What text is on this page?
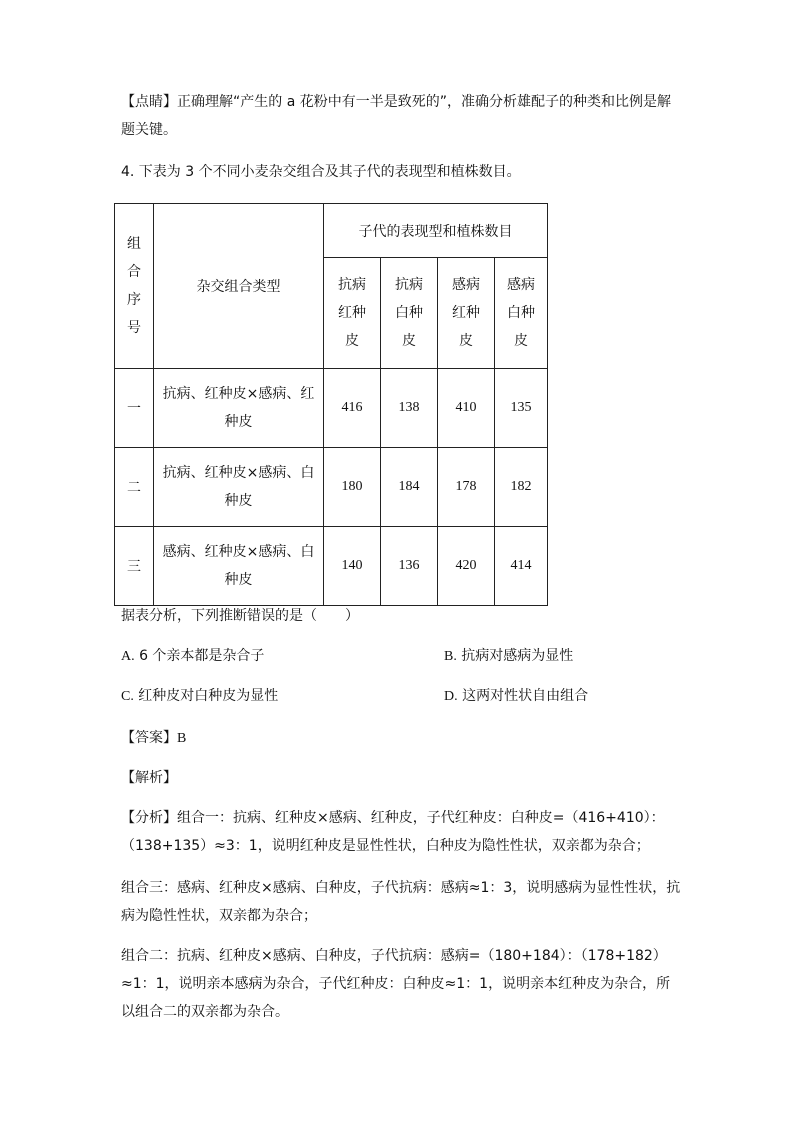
【点睛】正确理解“产生的 a 花粉中有一半是致死的”，准确分析雄配子的种类和比例是解题关键。

4. 下表为 3 个不同小麦杂交组合及其子代的表现型和植株数目。

组合序号	杂交组合类型	子代的表现型和植株数目			

		抗病红种皮	抗病白种皮	感病红种皮	感病白种皮

一	抗病、红种皮×感病、红种皮	416	138	410	135
二	抗病、红种皮×感病、白种皮	180	184	178	182
三	感病、红种皮×感病、白种皮	140	136	420	414

据表分析，下列推断错误的是（　　）

A. 6 个亲本都是杂合子	B. 抗病对感病为显性
C. 红种皮对白种皮为显性	D. 这两对性状自由组合

【答案】B

【解析】

【分析】组合一：抗病、红种皮×感病、红种皮，子代红种皮：白种皮=（416+410）：（138+135）≈3：1，说明红种皮是显性性状，白种皮为隐性性状，双亲都为杂合；

组合三：感病、红种皮×感病、白种皮，子代抗病：感病≈1：3，说明感病为显性性状，抗病为隐性性状，双亲都为杂合；

组合二：抗病、红种皮×感病、白种皮，子代抗病：感病=（180+184）：（178+182）≈1：1，说明亲本感病为杂合，子代红种皮：白种皮≈1：1，说明亲本红种皮为杂合，所以组合二的双亲都为杂合。
